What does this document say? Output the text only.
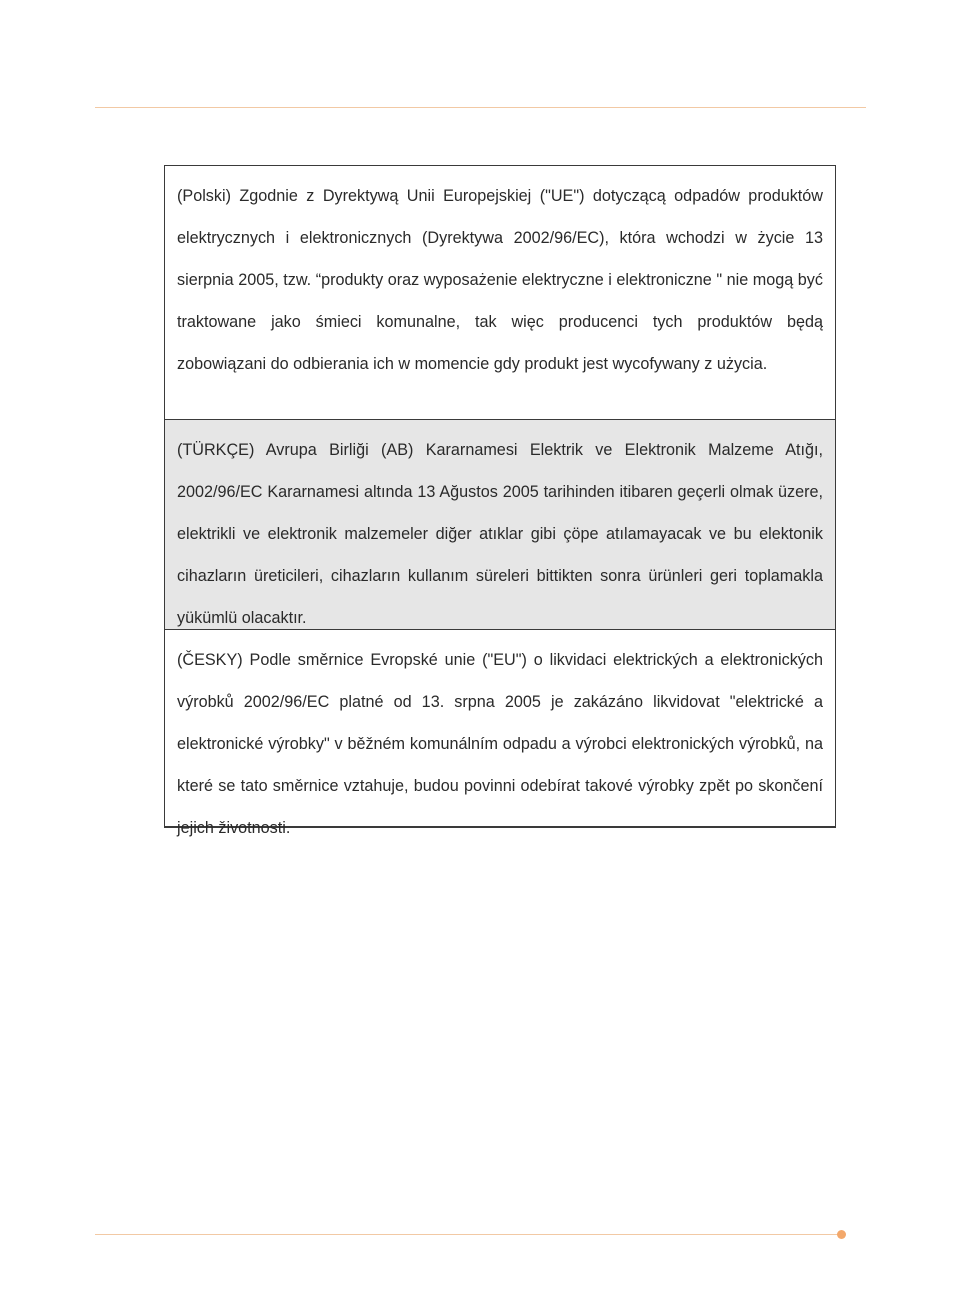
(Polski) Zgodnie z Dyrektywą Unii Europejskiej ("UE") dotyczącą odpadów produktów elektrycznych i elektronicznych (Dyrektywa 2002/96/EC), która wchodzi w życie 13 sierpnia 2005, tzw. “produkty oraz wyposażenie elektryczne i elektroniczne " nie mogą być traktowane jako śmieci komunalne, tak więc producenci tych produktów będą zobowiązani do odbierania ich w momencie gdy produkt jest wycofywany z użycia.
(TÜRKÇE) Avrupa Birliği (AB) Kararnamesi Elektrik ve Elektronik Malzeme Atığı, 2002/96/EC Kararnamesi altında 13 Ağustos 2005 tarihinden itibaren geçerli olmak üzere, elektrikli ve elektronik malzemeler diğer atıklar gibi çöpe atılamayacak ve bu elektonik cihazların üreticileri, cihazların kullanım süreleri bittikten sonra ürünleri geri toplamakla yükümlü olacaktır.
(ČESKY) Podle směrnice Evropské unie ("EU") o likvidaci elektrických a elektronických výrobků 2002/96/EC platné od 13. srpna 2005 je zakázáno likvidovat "elektrické a elektronické výrobky" v běžném komunálním odpadu a výrobci elektronických výrobků, na které se tato směrnice vztahuje, budou povinni odebírat takové výrobky zpět po skončení jejich životnosti.
